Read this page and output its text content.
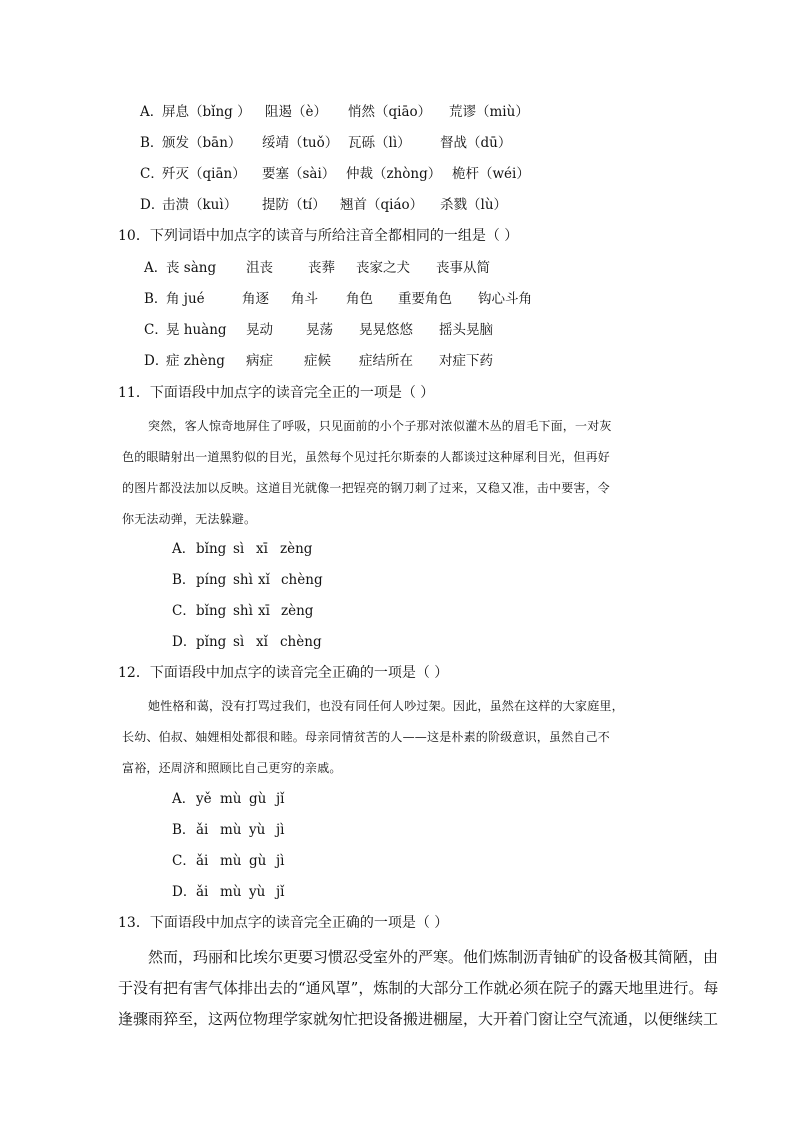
A．
屏息（bǐng ） 阻遏（è） 悄然（qiāo） 荒谬（miù）
B．
颁发（bān） 绥靖（tuǒ） 瓦砾（lì） 督战（dū）
C．
歼灭（qiān） 要塞（sài） 仲裁（zhòng） 桅杆（wéi）
D．
击溃（kuì） 提防（tí） 翘首（qiáo） 杀戮（lù）
10．下列词语中加点字的读音与所给注音全都相同的一组是（ ）
A．
丧 sàng 沮丧	丧葬 丧家之犬 丧事从简
B．
角 jué	角逐 角斗 角色 重要角色 钩心斗角
C．
晃 huàng 晃动 晃荡 晃晃悠悠 摇头晃脑
D．
症 zhèng 病症 症候 症结所在 对症下药
11．下面语段中加点字的读音完全正的一项是（ ）
突然，客人惊奇地屏住了呼吸，只见面前的小个子那对浓似灌木丛的眉毛下面，一对灰
色的眼睛射出一道黑豹似的目光，虽然每个见过托尔斯泰的人都谈过这种犀利目光，但再好
的图片都没法加以反映。这道目光就像一把锃亮的钢刀刺了过来，又稳又准，击中要害，令
你无法动弹，无法躲避。
A． bǐng sì xī zèng
B． píng shì xǐ chèng
C． bǐng shì xī zèng
D． pǐng sì xǐ chèng
12．下面语段中加点字的读音完全正确的一项是（ ）
她性格和蔼，没有打骂过我们，也没有同任何人吵过架。因此，虽然在这样的大家庭里，
长幼、伯叔、妯娌相处都很和睦。母亲同情贫苦的人——这是朴素的阶级意识，虽然自己不
富裕，还周济和照顾比自己更穷的亲戚。
A． yě mù gù jǐ
B． ǎi mù yù jì
C． ǎi mù gù jì
D． ǎi mù yù jǐ
13．下面语段中加点字的读音完全正确的一项是（ ）
然而，玛丽和比埃尔更要习惯忍受室外的严寒。他们炼制沥青铀矿的设备极其简陋，由
于没有把有害气体排出去的“通风罩”，炼制的大部分工作就必须在院子的露天地里进行。每
逢骤雨猝至，这两位物理学家就匆忙把设备搬进棚屋，大开着门窗让空气流通，以便继续工
